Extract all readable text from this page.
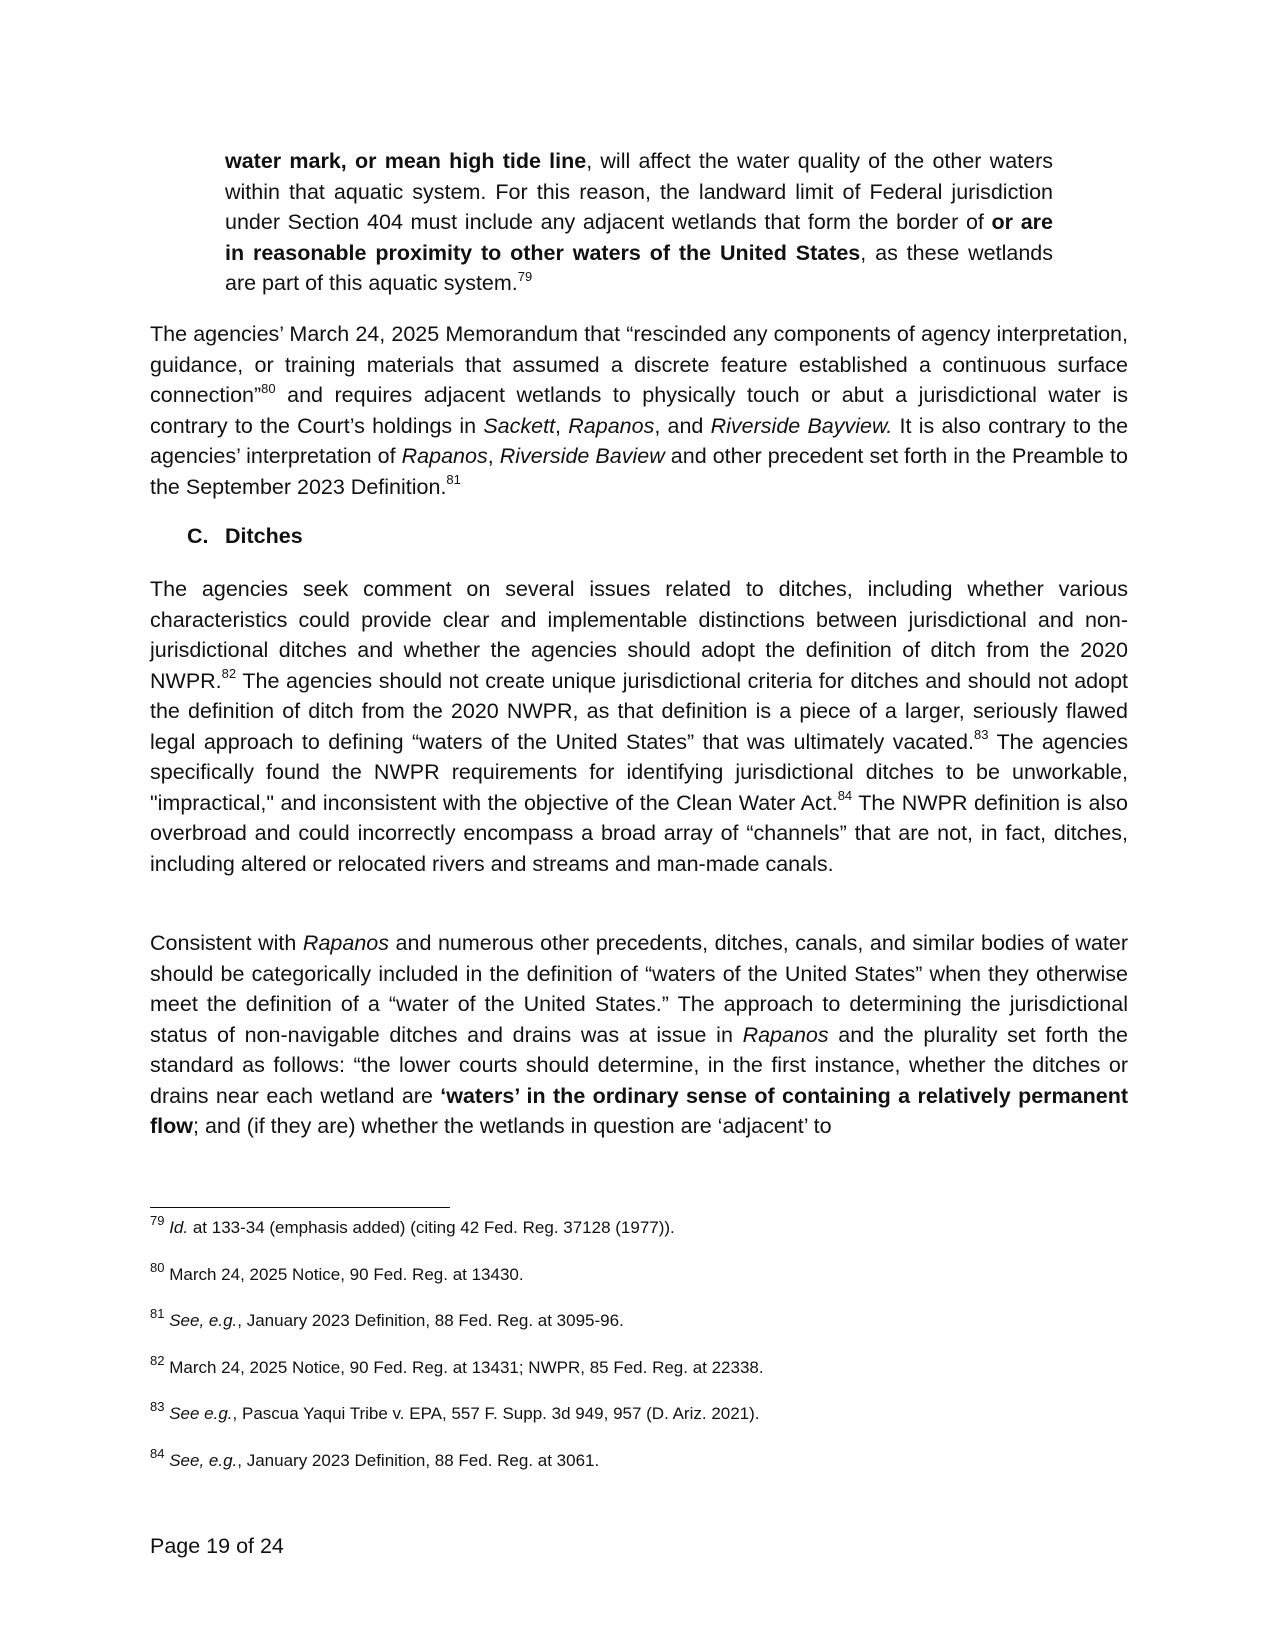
water mark, or mean high tide line, will affect the water quality of the other waters within that aquatic system. For this reason, the landward limit of Federal jurisdiction under Section 404 must include any adjacent wetlands that form the border of or are in reasonable proximity to other waters of the United States, as these wetlands are part of this aquatic system.$^{79}$
The agencies’ March 24, 2025 Memorandum that “rescinded any components of agency interpretation, guidance, or training materials that assumed a discrete feature established a continuous surface connection”$^{80}$ and requires adjacent wetlands to physically touch or abut a jurisdictional water is contrary to the Court’s holdings in Sackett, Rapanos, and Riverside Bayview. It is also contrary to the agencies’ interpretation of Rapanos, Riverside Baview and other precedent set forth in the Preamble to the September 2023 Definition.$^{81}$
C. Ditches
The agencies seek comment on several issues related to ditches, including whether various characteristics could provide clear and implementable distinctions between jurisdictional and non-jurisdictional ditches and whether the agencies should adopt the definition of ditch from the 2020 NWPR.$^{82}$ The agencies should not create unique jurisdictional criteria for ditches and should not adopt the definition of ditch from the 2020 NWPR, as that definition is a piece of a larger, seriously flawed legal approach to defining “waters of the United States” that was ultimately vacated.$^{83}$ The agencies specifically found the NWPR requirements for identifying jurisdictional ditches to be unworkable, "impractical," and inconsistent with the objective of the Clean Water Act.$^{84}$ The NWPR definition is also overbroad and could incorrectly encompass a broad array of “channels” that are not, in fact, ditches, including altered or relocated rivers and streams and man-made canals.
Consistent with Rapanos and numerous other precedents, ditches, canals, and similar bodies of water should be categorically included in the definition of “waters of the United States” when they otherwise meet the definition of a “water of the United States.” The approach to determining the jurisdictional status of non-navigable ditches and drains was at issue in Rapanos and the plurality set forth the standard as follows: “the lower courts should determine, in the first instance, whether the ditches or drains near each wetland are ‘waters’ in the ordinary sense of containing a relatively permanent flow; and (if they are) whether the wetlands in question are ‘adjacent’ to
$^{79}$ Id. at 133-34 (emphasis added) (citing 42 Fed. Reg. 37128 (1977)).
$^{80}$ March 24, 2025 Notice, 90 Fed. Reg. at 13430.
$^{81}$ See, e.g., January 2023 Definition, 88 Fed. Reg. at 3095-96.
$^{82}$ March 24, 2025 Notice, 90 Fed. Reg. at 13431; NWPR, 85 Fed. Reg. at 22338.
$^{83}$ See e.g., Pascua Yaqui Tribe v. EPA, 557 F. Supp. 3d 949, 957 (D. Ariz. 2021).
$^{84}$ See, e.g., January 2023 Definition, 88 Fed. Reg. at 3061.
Page 19 of 24
